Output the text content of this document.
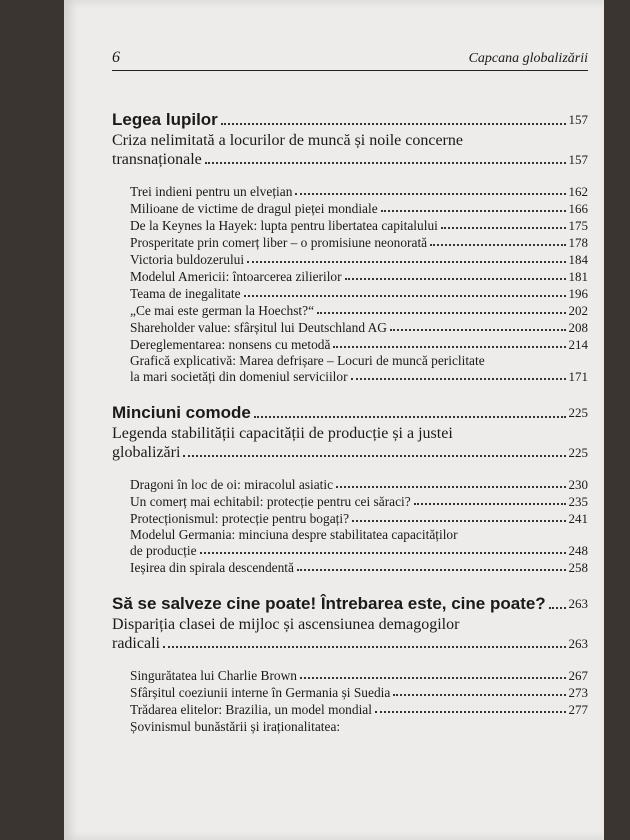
6	Capcana globalizării
Legea lupilor	157
Criza nelimitată a locurilor de muncă și noile concerne
transnaționale	157
Trei indieni pentru un elvețian	162
Milioane de victime de dragul pieței mondiale	166
De la Keynes la Hayek: lupta pentru libertatea capitalului	175
Prosperitate prin comerț liber – o promisiune neonorată	178
Victoria buldozerului	184
Modelul Americii: întoarcerea zilierilor	181
Teama de inegalitate	196
„Ce mai este german la Hoechst?“	202
Shareholder value: sfârșitul lui Deutschland AG	208
Dereglementarea: nonsens cu metodă	214
Grafică explicativă: Marea defrișare – Locuri de muncă periclitate
la mari societăți din domeniul serviciilor	171
Minciuni comode	225
Legenda stabilității capacității de producție și a justei
globalizări	225
Dragoni în loc de oi: miracolul asiatic	230
Un comerț mai echitabil: protecție pentru cei săraci?	235
Protecționismul: protecție pentru bogați?	241
Modelul Germania: minciuna despre stabilitatea capacităților
de producție	248
Ieșirea din spirala descendentă	258
Să se salveze cine poate! Întrebarea este, cine poate? 263
Dispariția clasei de mijloc și ascensiunea demagogilor
radicali	263
Singurătatea lui Charlie Brown	267
Sfârșitul coeziunii interne în Germania și Suedia	273
Trădarea elitelor: Brazilia, un model mondial	277
Șovinismul bunăstării și iraționalitatea:
